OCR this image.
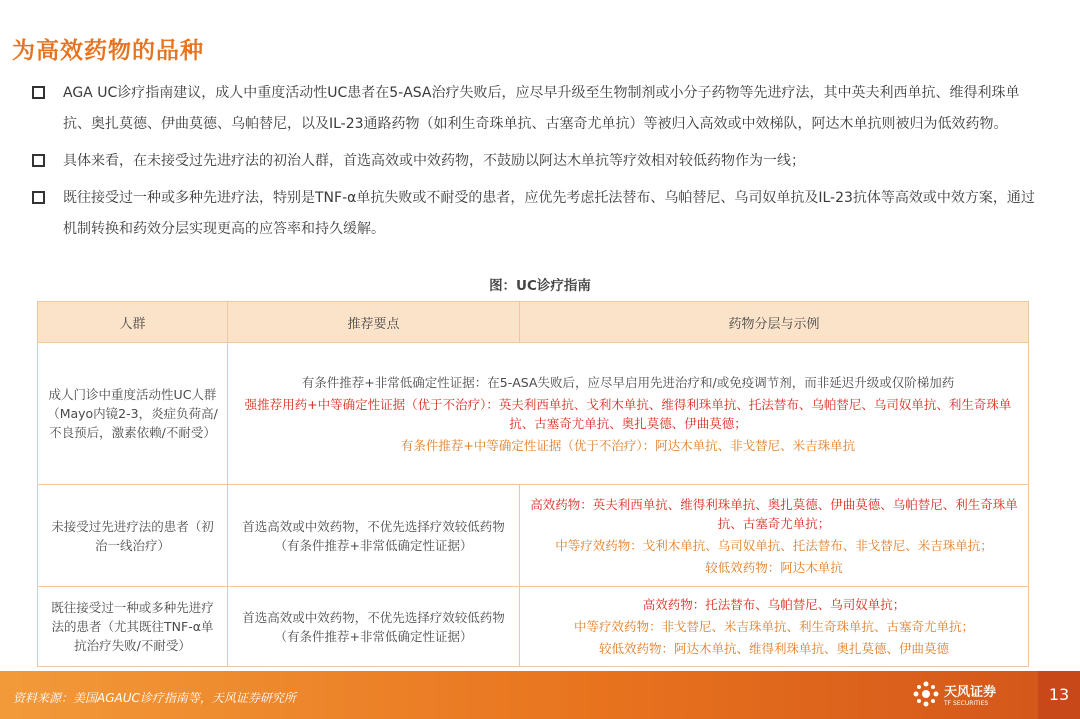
为高效药物的品种
AGA UC诊疗指南建议，成人中重度活动性UC患者在5-ASA治疗失败后，应尽早升级至生物制剂或小分子药物等先进疗法，其中英夫利西单抗、维得利珠单抗、奥扎莫德、伊曲莫德、乌帕替尼，以及IL-23通路药物（如利生奇珠单抗、古塞奇尤单抗）等被归入高效或中效梯队，阿达木单抗则被归为低效药物。
具体来看，在未接受过先进疗法的初治人群，首选高效或中效药物，不鼓励以阿达木单抗等疗效相对较低药物作为一线；
既往接受过一种或多种先进疗法，特别是TNF-α单抗失败或不耐受的患者，应优先考虑托法替布、乌帕替尼、乌司奴单抗及IL-23抗体等高效或中效方案，通过机制转换和药效分层实现更高的应答率和持久缓解。
图：UC诊疗指南
人群	推荐要点	药物分层与示例
成人门诊中重度活动性UC人群（Mayo内镜2-3，炎症负荷高/不良预后，激素依赖/不耐受）	有条件推荐+非常低确定性证据：在5-ASA失败后，应尽早启用先进治疗和/或免疫调节剂，而非延迟升级或仅阶梯加药
强推荐用药+中等确定性证据（优于不治疗）：英夫利西单抗、戈利木单抗、维得利珠单抗、托法替布、乌帕替尼、乌司奴单抗、利生奇珠单抗、古塞奇尤单抗、奥扎莫德、伊曲莫德；
有条件推荐+中等确定性证据（优于不治疗）：阿达木单抗、非戈替尼、米吉珠单抗	

未接受过先进疗法的患者（初治一线治疗）	首选高效或中效药物，不优先选择疗效较低药物（有条件推荐+非常低确定性证据）	高效药物：英夫利西单抗、维得利珠单抗、奥扎莫德、伊曲莫德、乌帕替尼、利生奇珠单抗、古塞奇尤单抗；
中等疗效药物：戈利木单抗、乌司奴单抗、托法替布、非戈替尼、米吉珠单抗；
较低效药物：阿达木单抗

既往接受过一种或多种先进疗法的患者（尤其既往TNF-α单抗治疗失败/不耐受）	首选高效或中效药物，不优先选择疗效较低药物（有条件推荐+非常低确定性证据）	高效药物：托法替布、乌帕替尼、乌司奴单抗；
中等疗效药物：非戈替尼、米吉珠单抗、利生奇珠单抗、古塞奇尤单抗；
较低效药物：阿达木单抗、维得利珠单抗、奥扎莫德、伊曲莫德
资料来源：美国AGAUC诊疗指南等，天风证券研究所	天风证券
TF SECURITIES	13
